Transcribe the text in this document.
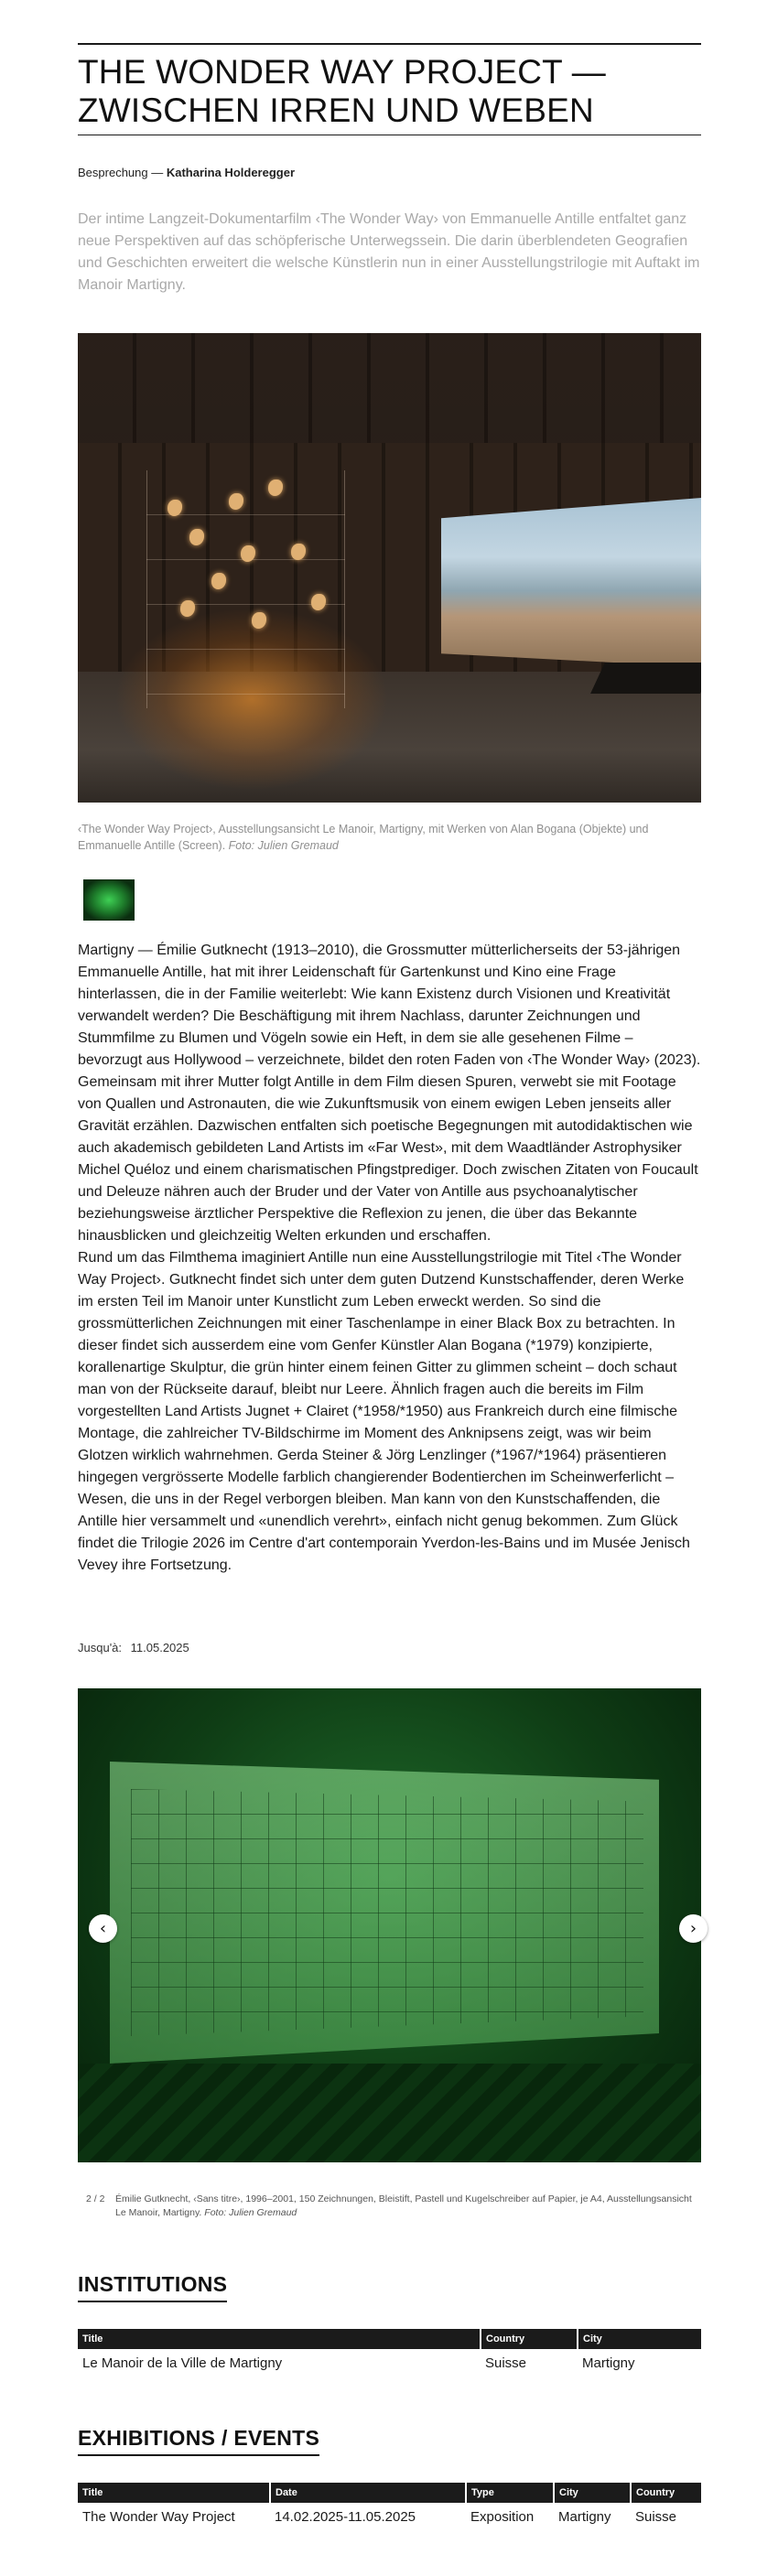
THE WONDER WAY PROJECT —
ZWISCHEN IRREN UND WEBEN
Besprechung — Katharina Holderegger

Der intime Langzeit-Dokumentarfilm ‹The Wonder Way› von Emmanuelle Antille entfaltet ganz neue Perspektiven auf das schöpferische Unterwegssein. Die darin überblendeten Geografien und Geschichten erweitert die welsche Künstlerin nun in einer Ausstellungstrilogie mit Auftakt im Manoir Martigny.

‹The Wonder Way Project›, Ausstellungsansicht Le Manoir, Martigny, mit Werken von Alan Bogana (Objekte) und Emmanuelle Antille (Screen). Foto: Julien Gremaud

Martigny — Émilie Gutknecht (1913–2010), die Grossmutter mütterlicherseits der 53-jährigen Emmanuelle Antille, hat mit ihrer Leidenschaft für Gartenkunst und Kino eine Frage hinterlassen, die in der Familie weiterlebt: Wie kann Existenz durch Visionen und Kreativität verwandelt werden? Die Beschäftigung mit ihrem Nachlass, darunter Zeichnungen und Stummfilme zu Blumen und Vögeln sowie ein Heft, in dem sie alle gesehenen Filme – bevorzugt aus Hollywood – verzeichnete, bildet den roten Faden von ‹The Wonder Way› (2023). Gemeinsam mit ihrer Mutter folgt Antille in dem Film diesen Spuren, verwebt sie mit Footage von Quallen und Astronauten, die wie Zukunftsmusik von einem ewigen Leben jenseits aller Gravität erzählen. Dazwischen entfalten sich poetische Begegnungen mit autodidaktischen wie auch akademisch gebildeten Land Artists im «Far West», mit dem Waadtländer Astrophysiker Michel Quéloz und einem charismatischen Pfingstprediger. Doch zwischen Zitaten von Foucault und Deleuze nähren auch der Bruder und der Vater von Antille aus psychoanalytischer beziehungsweise ärztlicher Perspektive die Reflexion zu jenen, die über das Bekannte hinausblicken und gleichzeitig Welten erkunden und erschaffen.

Rund um das Filmthema imaginiert Antille nun eine Ausstellungstrilogie mit Titel ‹The Wonder Way Project›. Gutknecht findet sich unter dem guten Dutzend Kunstschaffender, deren Werke im ersten Teil im Manoir unter Kunstlicht zum Leben erweckt werden. So sind die grossmütterlichen Zeichnungen mit einer Taschenlampe in einer Black Box zu betrachten. In dieser findet sich ausserdem eine vom Genfer Künstler Alan Bogana (*1979) konzipierte, korallenartige Skulptur, die grün hinter einem feinen Gitter zu glimmen scheint – doch schaut man von der Rückseite darauf, bleibt nur Leere. Ähnlich fragen auch die bereits im Film vorgestellten Land Artists Jugnet + Clairet (*1958/*1950) aus Frankreich durch eine filmische Montage, die zahlreicher TV-Bildschirme im Moment des Anknipsens zeigt, was wir beim Glotzen wirklich wahrnehmen. Gerda Steiner & Jörg Lenzlinger (*1967/*1964) präsentieren hingegen vergrösserte Modelle farblich changierender Bodentierchen im Scheinwerferlicht – Wesen, die uns in der Regel verborgen bleiben. Man kann von den Kunstschaffenden, die Antille hier versammelt und «unendlich verehrt», einfach nicht genug bekommen. Zum Glück findet die Trilogie 2026 im Centre d'art contemporain Yverdon-les-Bains und im Musée Jenisch Vevey ihre Fortsetzung.

Jusqu'à: 11.05.2025
‹	›
2 / 2 Émilie Gutknecht, ‹Sans titre›, 1996–2001, 150 Zeichnungen, Bleistift, Pastell und Kugelschreiber auf Papier, je A4, Ausstellungsansicht Le Manoir, Martigny. Foto: Julien Gremaud
INSTITUTIONS
Title	Country	City
Le Manoir de la Ville de Martigny	Suisse	Martigny
EXHIBITIONS / EVENTS
Title	Date	Type	City	Country
The Wonder Way Project	14.02.2025-11.05.2025	Exposition	Martigny	Suisse
